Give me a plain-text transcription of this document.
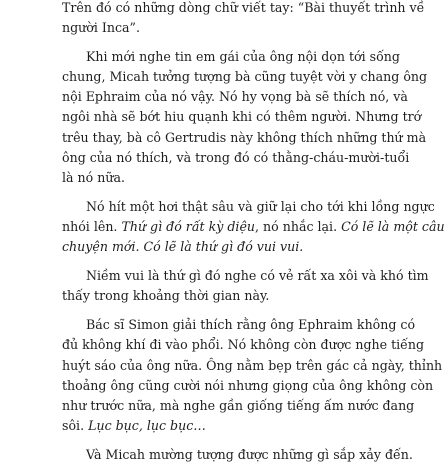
Trên đó có những dòng chữ viết tay: “Bài thuyết trình về
người Inca”.
Khi mới nghe tin em gái của ông nội dọn tới sống
chung, Micah tưởng tượng bà cũng tuyệt vời y chang ông
nội Ephraim của nó vậy. Nó hy vọng bà sẽ thích nó, và
ngôi nhà sẽ bớt hiu quạnh khi có thêm người. Nhưng trớ
trêu thay, bà cô Gertrudis này không thích những thứ mà
ông của nó thích, và trong đó có thằng-cháu-mười-tuổi
là nó nữa.
Nó hít một hơi thật sâu và giữ lại cho tới khi lồng ngực
nhói lên. Thứ gì đó rất kỳ diệu, nó nhắc lại. Có lẽ là một câu
chuyện mới. Có lẽ là thứ gì đó vui vui.
Niềm vui là thứ gì đó nghe có vẻ rất xa xôi và khó tìm
thấy trong khoảng thời gian này.
Bác sĩ Simon giải thích rằng ông Ephraim không có
đủ không khí đi vào phổi. Nó không còn được nghe tiếng
huýt sáo của ông nữa. Ông nằm bẹp trên gác cả ngày, thỉnh
thoảng ông cũng cười nói nhưng giọng của ông không còn
như trước nữa, mà nghe gần giống tiếng ấm nước đang
sôi. Lục bục, lục bục…
Và Micah mường tượng được những gì sắp xảy đến.
